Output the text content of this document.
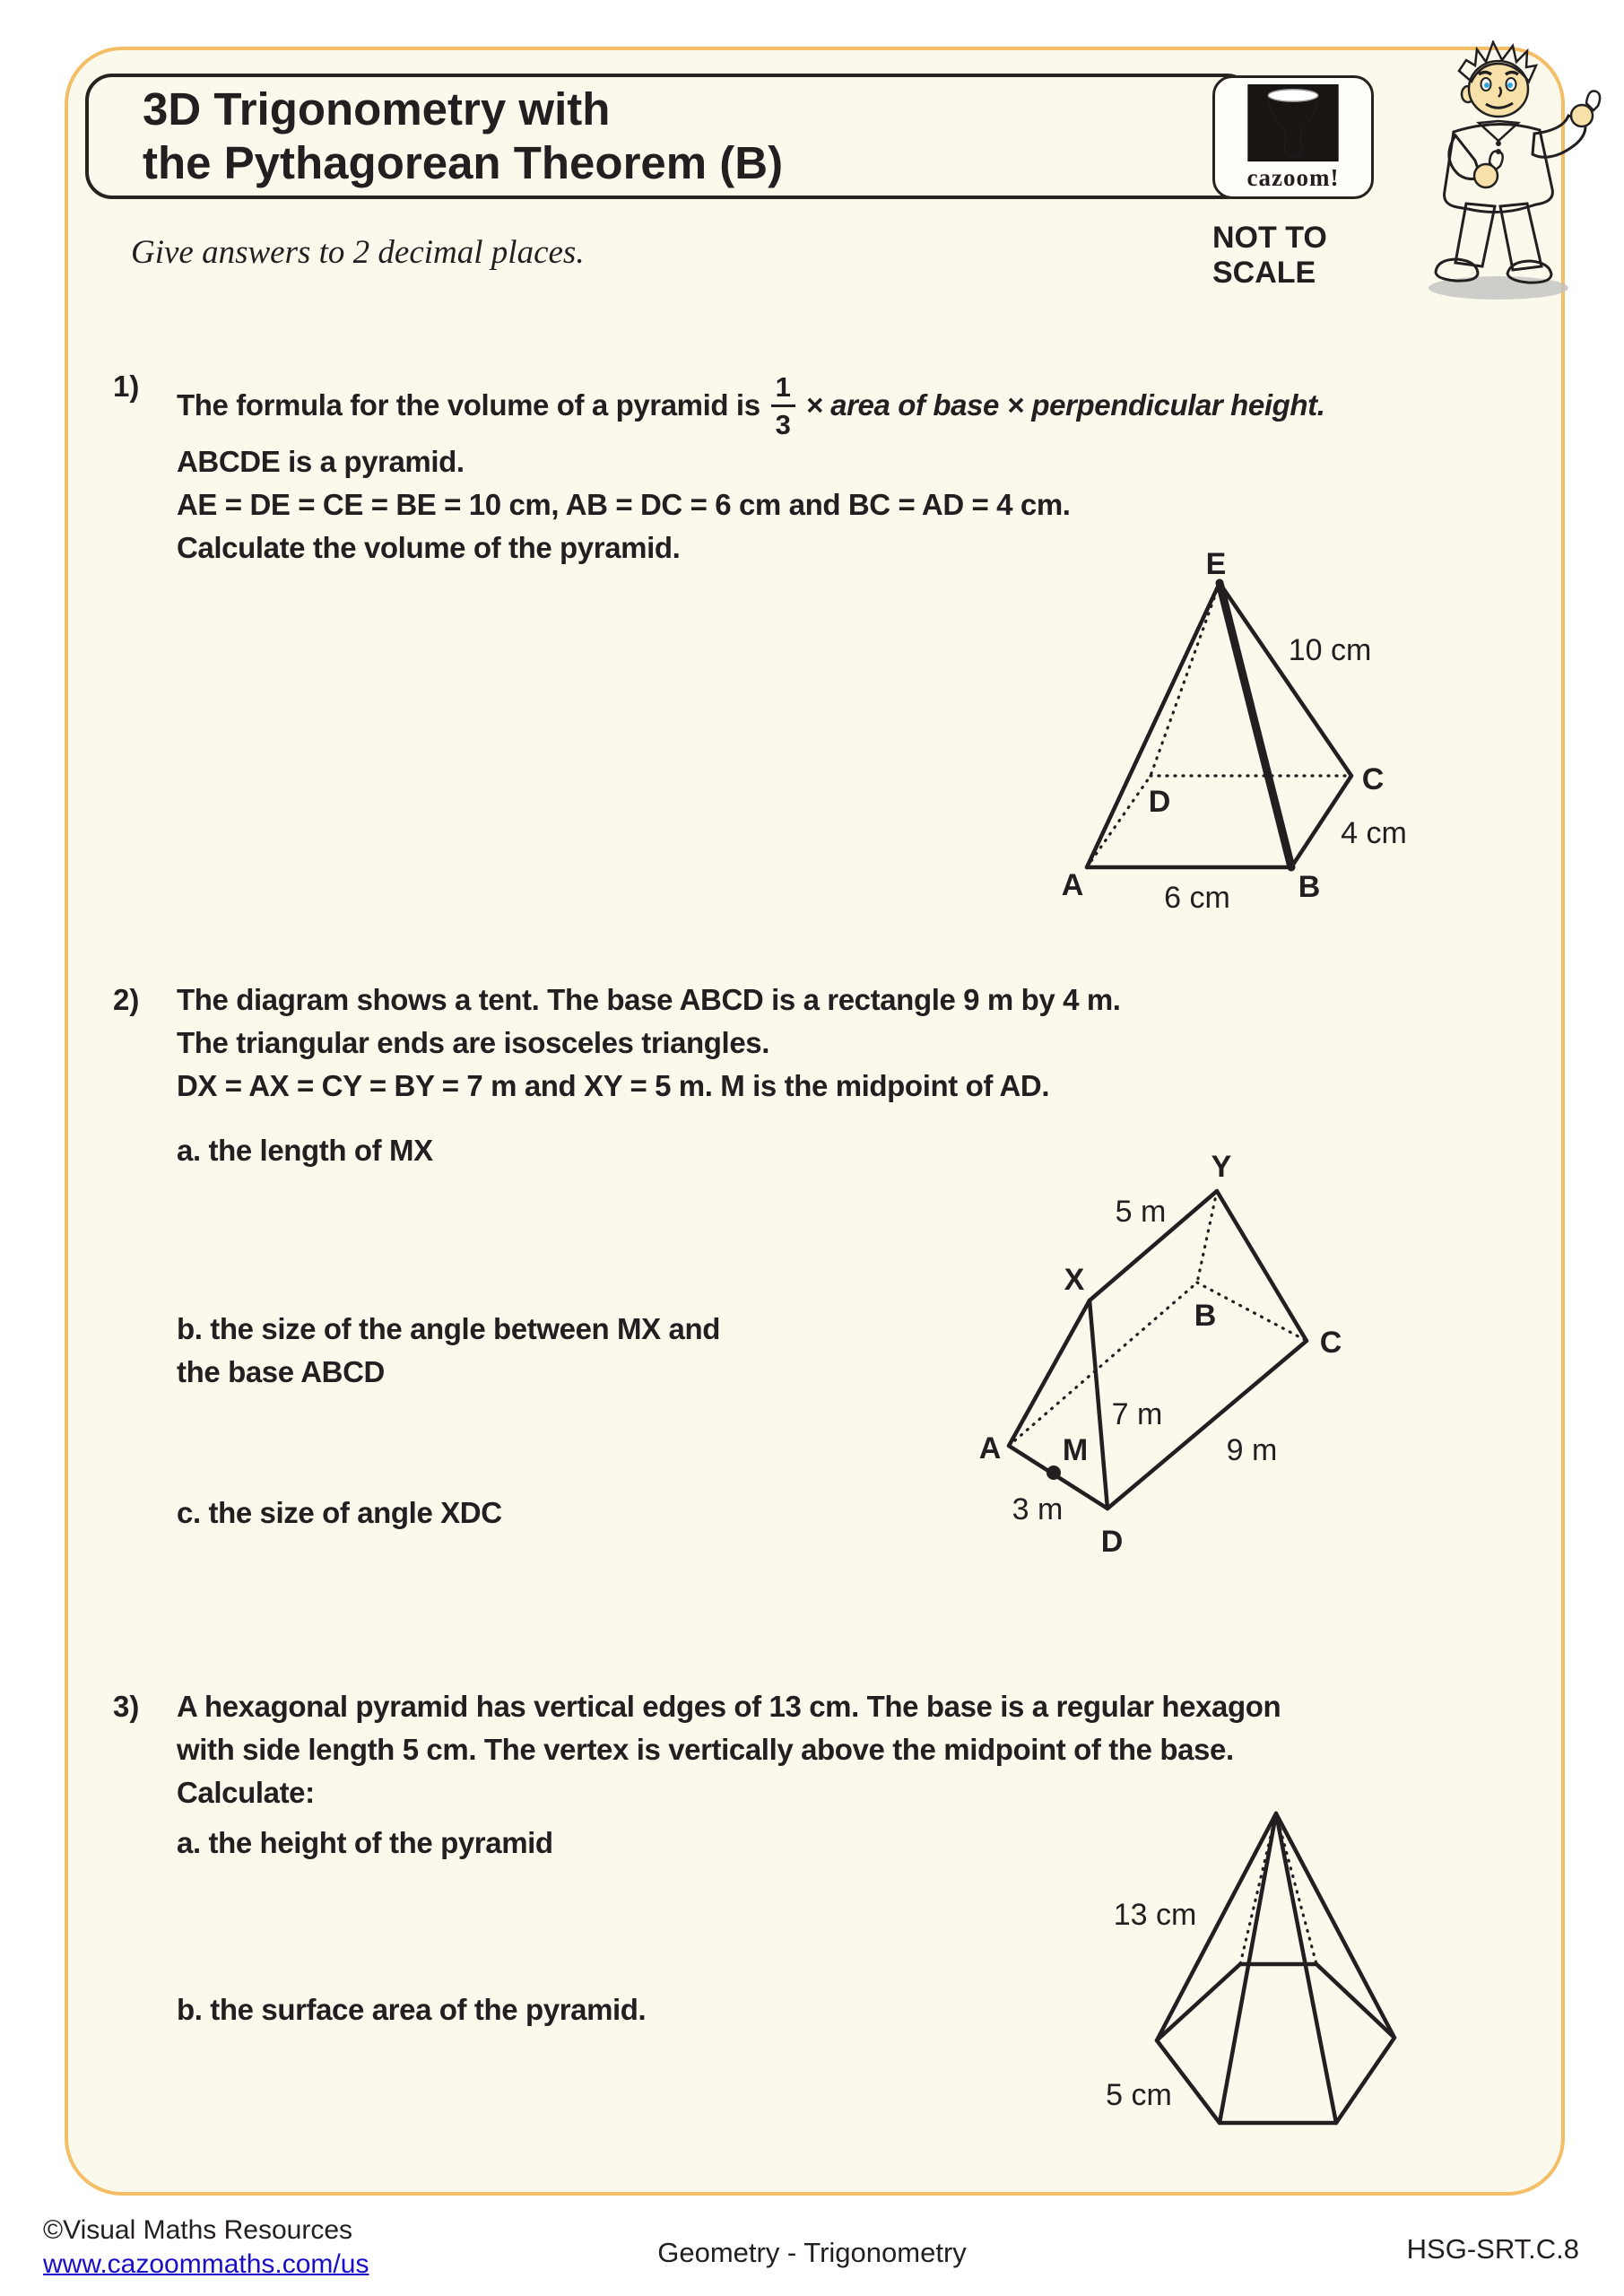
3D Trigonometry with
the Pythagorean Theorem (B)	cazoom!
NOT TO
SCALE
Give answers to 2 decimal places.
1)
The formula for the volume of a pyramid is $\frac{1}{3}$ × area of base × perpendicular height.
ABCDE is a pyramid.
AE = DE = CE = BE = 10 cm, AB = DC = 6 cm and BC = AD = 4 cm.
Calculate the volume of the pyramid.	E
A	B
C
D
10 cm
4 cm
6 cm
2) The diagram shows a tent. The base ABCD is a rectangle 9 m by 4 m.
The triangular ends are isosceles triangles.
DX = AX = CY = BY = 7 m and XY = 5 m. M is the midpoint of AD.
a. the length of MX
b. the size of the angle between MX and
the base ABCD
c. the size of angle XDC
Y
X
A
B
C
D
M
5 m
7 m
9 m
3 m
3) A hexagonal pyramid has vertical edges of 13 cm. The base is a regular hexagon
with side length 5 cm. The vertex is vertically above the midpoint of the base.
Calculate:
a. the height of the pyramid
b. the surface area of the pyramid.
13 cm
5 cm
©Visual Maths Resources
www.cazoommaths.com/us	Geometry - Trigonometry	HSG-SRT.C.8
